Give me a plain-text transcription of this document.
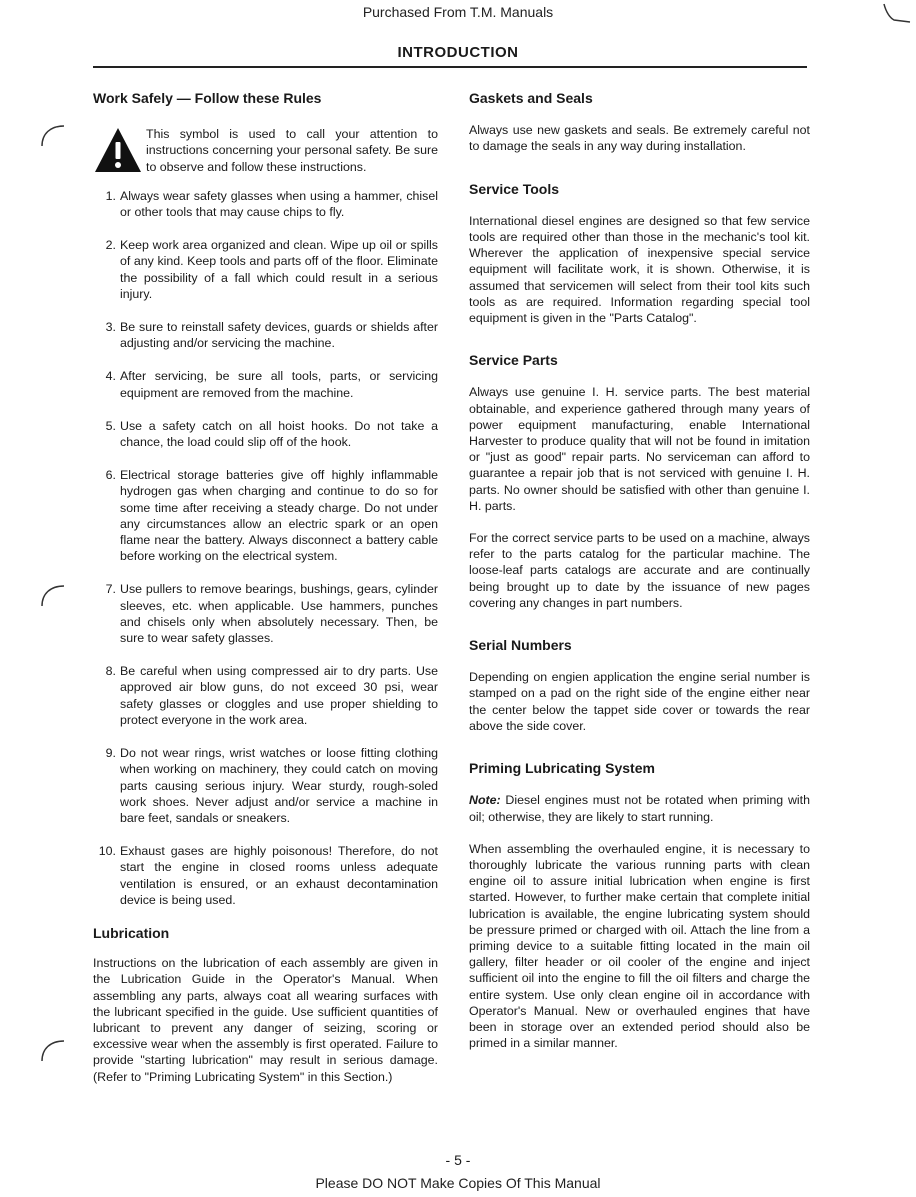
Purchased From T.M. Manuals
INTRODUCTION
Work Safely — Follow these Rules

This symbol is used to call your attention to instructions concerning your personal safety. Be sure to observe and follow these instructions.

1. Always wear safety glasses when using a hammer, chisel or other tools that may cause chips to fly.
2. Keep work area organized and clean. Wipe up oil or spills of any kind. Keep tools and parts off of the floor. Eliminate the possibility of a fall which could result in a serious injury.
3. Be sure to reinstall safety devices, guards or shields after adjusting and/or servicing the machine.
4. After servicing, be sure all tools, parts, or servicing equipment are removed from the machine.
5. Use a safety catch on all hoist hooks. Do not take a chance, the load could slip off of the hook.
6. Electrical storage batteries give off highly inflammable hydrogen gas when charging and continue to do so for some time after receiving a steady charge. Do not under any circumstances allow an electric spark or an open flame near the battery. Always disconnect a battery cable before working on the electrical system.
7. Use pullers to remove bearings, bushings, gears, cylinder sleeves, etc. when applicable. Use hammers, punches and chisels only when absolutely necessary. Then, be sure to wear safety glasses.
8. Be careful when using compressed air to dry parts. Use approved air blow guns, do not exceed 30 psi, wear safety glasses or cloggles and use proper shielding to protect everyone in the work area.
9. Do not wear rings, wrist watches or loose fitting clothing when working on machinery, they could catch on moving parts causing serious injury. Wear sturdy, rough-soled work shoes. Never adjust and/or service a machine in bare feet, sandals or sneakers.
10. Exhaust gases are highly poisonous! Therefore, do not start the engine in closed rooms unless adequate ventilation is ensured, or an exhaust decontamination device is being used.
Lubrication

Instructions on the lubrication of each assembly are given in the Lubrication Guide in the Operator's Manual. When assembling any parts, always coat all wearing surfaces with the lubricant specified in the guide. Use sufficient quantities of lubricant to prevent any danger of seizing, scoring or excessive wear when the assembly is first operated. Failure to provide "starting lubrication" may result in serious damage. (Refer to "Priming Lubricating System" in this Section.)

Gaskets and Seals

Always use new gaskets and seals. Be extremely careful not to damage the seals in any way during installation.

Service Tools

International diesel engines are designed so that few service tools are required other than those in the mechanic's tool kit. Wherever the application of inexpensive special service equipment will facilitate work, it is shown. Otherwise, it is assumed that servicemen will select from their tool kits such tools as are required. Information regarding special tool equipment is given in the "Parts Catalog".

Service Parts

Always use genuine I. H. service parts. The best material obtainable, and experience gathered through many years of power equipment manufacturing, enable International Harvester to produce quality that will not be found in imitation or "just as good" repair parts. No serviceman can afford to guarantee a repair job that is not serviced with genuine I. H. parts. No owner should be satisfied with other than genuine I. H. parts.

For the correct service parts to be used on a machine, always refer to the parts catalog for the particular machine. The loose-leaf parts catalogs are accurate and are continually being brought up to date by the issuance of new pages covering any changes in part numbers.

Serial Numbers

Depending on engien application the engine serial number is stamped on a pad on the right side of the engine either near the center below the tappet side cover or towards the rear above the side cover.

Priming Lubricating System

Note: Diesel engines must not be rotated when priming with oil; otherwise, they are likely to start running.

When assembling the overhauled engine, it is necessary to thoroughly lubricate the various running parts with clean engine oil to assure initial lubrication when engine is first started. However, to further make certain that complete initial lubrication is available, the engine lubricating system should be pressure primed or charged with oil. Attach the line from a priming device to a suitable fitting located in the main oil gallery, filter header or oil cooler of the engine and inject sufficient oil into the engine to fill the oil filters and charge the entire system. Use only clean engine oil in accordance with Operator's Manual. New or overhauled engines that have been in storage over an extended period should also be primed in a similar manner.

- 5 -
Please DO NOT Make Copies Of This Manual
